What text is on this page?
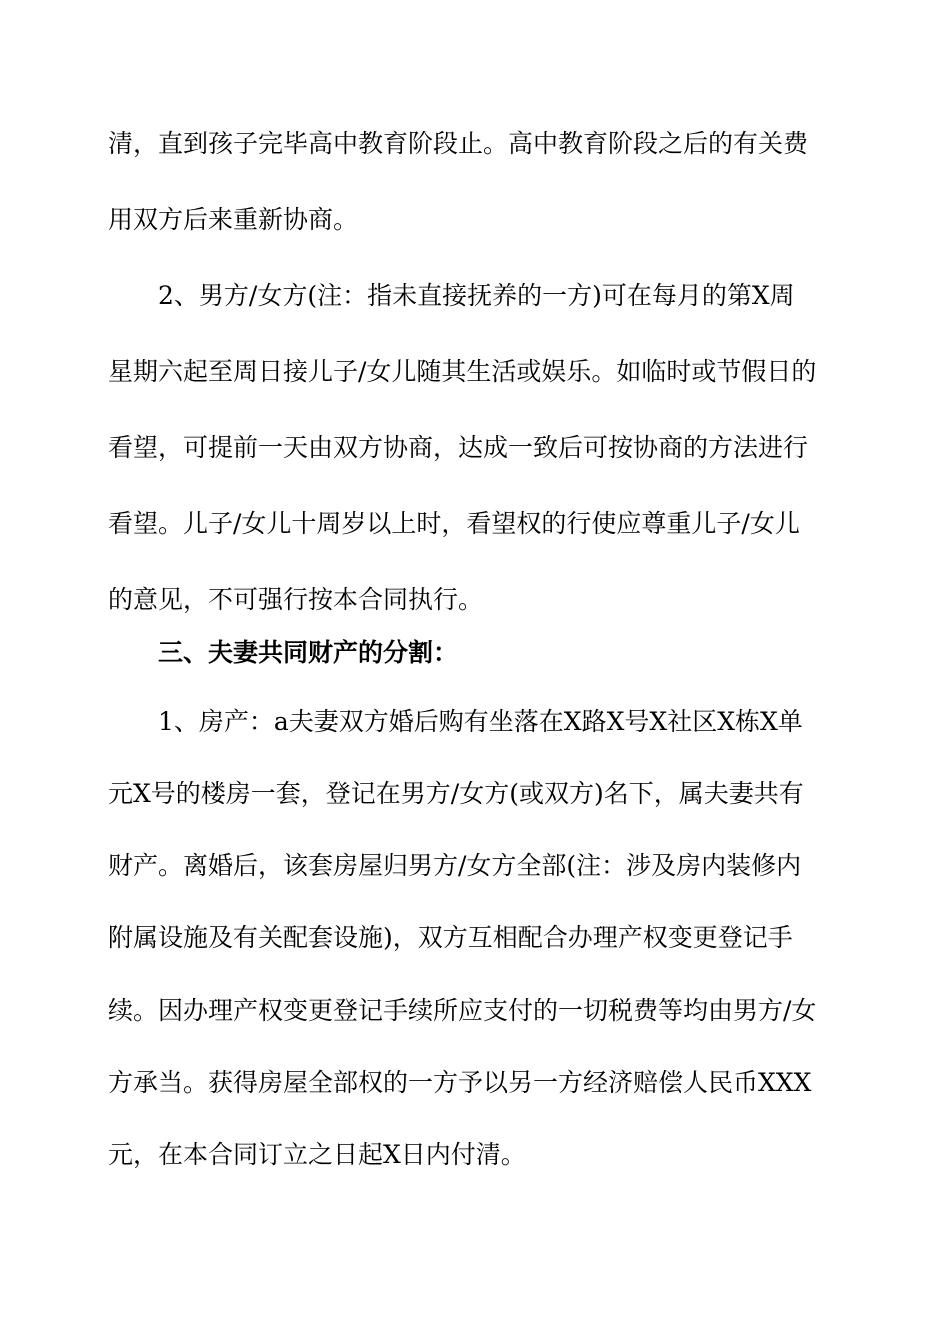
清，直到孩子完毕高中教育阶段止。高中教育阶段之后的有关费
用双方后来重新协商。
2、男方/女方(注：指未直接抚养的一方)可在每月的第X周
星期六起至周日接儿子/女儿随其生活或娱乐。如临时或节假日的
看望，可提前一天由双方协商，达成一致后可按协商的方法进行
看望。儿子/女儿十周岁以上时，看望权的行使应尊重儿子/女儿
的意见，不可强行按本合同执行。
三、夫妻共同财产的分割：
1、房产：a夫妻双方婚后购有坐落在X路X号X社区X栋X单
元X号的楼房一套，登记在男方/女方(或双方)名下，属夫妻共有
财产。离婚后，该套房屋归男方/女方全部(注：涉及房内装修内
附属设施及有关配套设施)，双方互相配合办理产权变更登记手
续。因办理产权变更登记手续所应支付的一切税费等均由男方/女
方承当。获得房屋全部权的一方予以另一方经济赔偿人民币XXX
元，在本合同订立之日起X日内付清。
